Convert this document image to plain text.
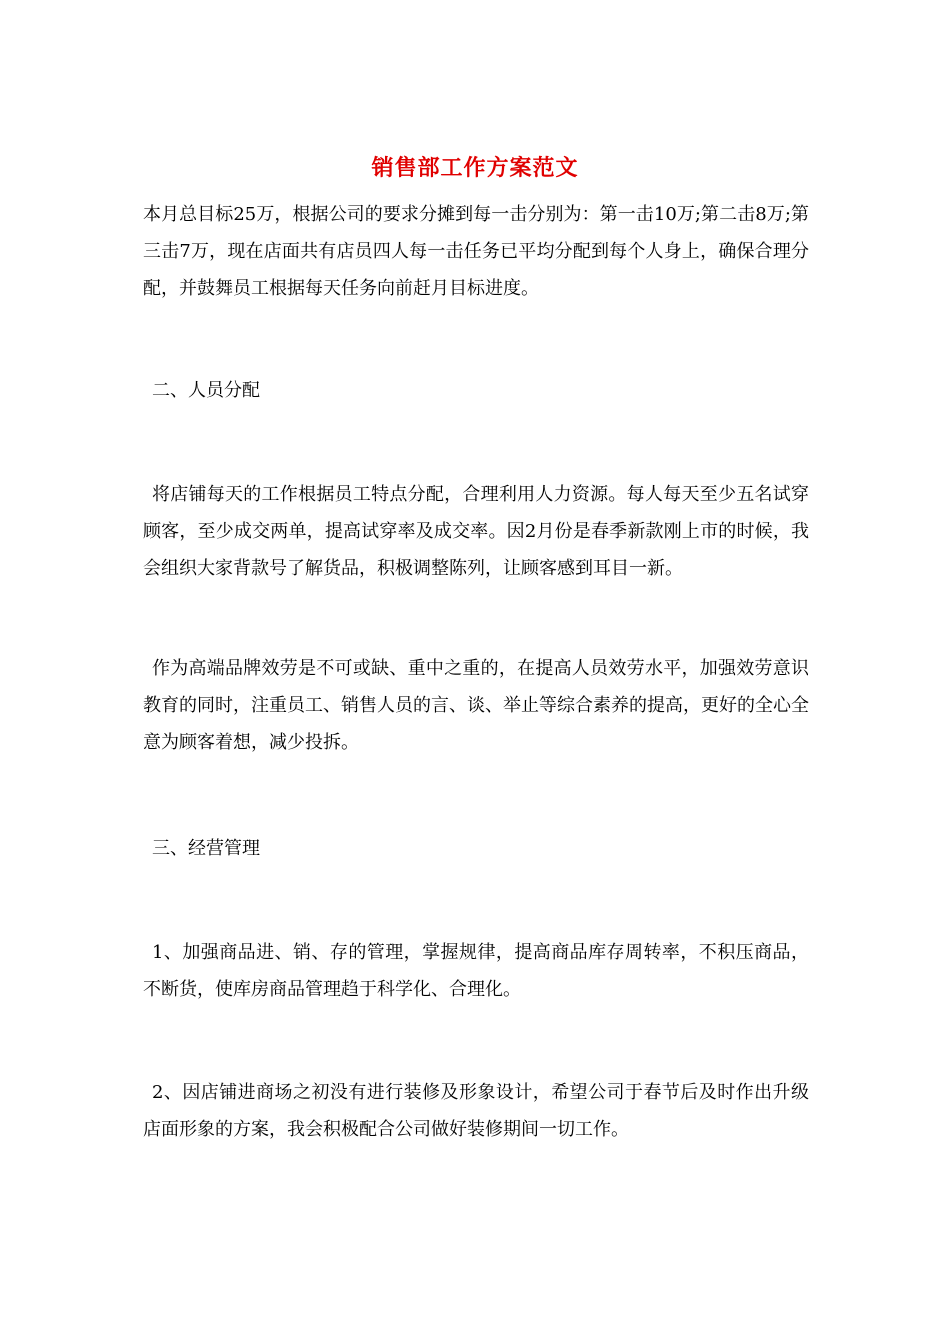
销售部工作方案范文

本月总目标25万，根据公司的要求分摊到每一击分别为：第一击10万;第二击8万;第三击7万，现在店面共有店员四人每一击任务已平均分配到每个人身上，确保合理分配，并鼓舞员工根据每天任务向前赶月目标进度。

二、人员分配

将店铺每天的工作根据员工特点分配，合理利用人力资源。每人每天至少五名试穿顾客，至少成交两单，提高试穿率及成交率。因2月份是春季新款刚上市的时候，我会组织大家背款号了解货品，积极调整陈列，让顾客感到耳目一新。

作为高端品牌效劳是不可或缺、重中之重的，在提高人员效劳水平，加强效劳意识教育的同时，注重员工、销售人员的言、谈、举止等综合素养的提高，更好的全心全意为顾客着想，减少投拆。

三、经营管理

1、加强商品进、销、存的管理，掌握规律，提高商品库存周转率，不积压商品，不断货，使库房商品管理趋于科学化、合理化。

2、因店铺进商场之初没有进行装修及形象设计，希望公司于春节后及时作出升级店面形象的方案，我会积极配合公司做好装修期间一切工作。
